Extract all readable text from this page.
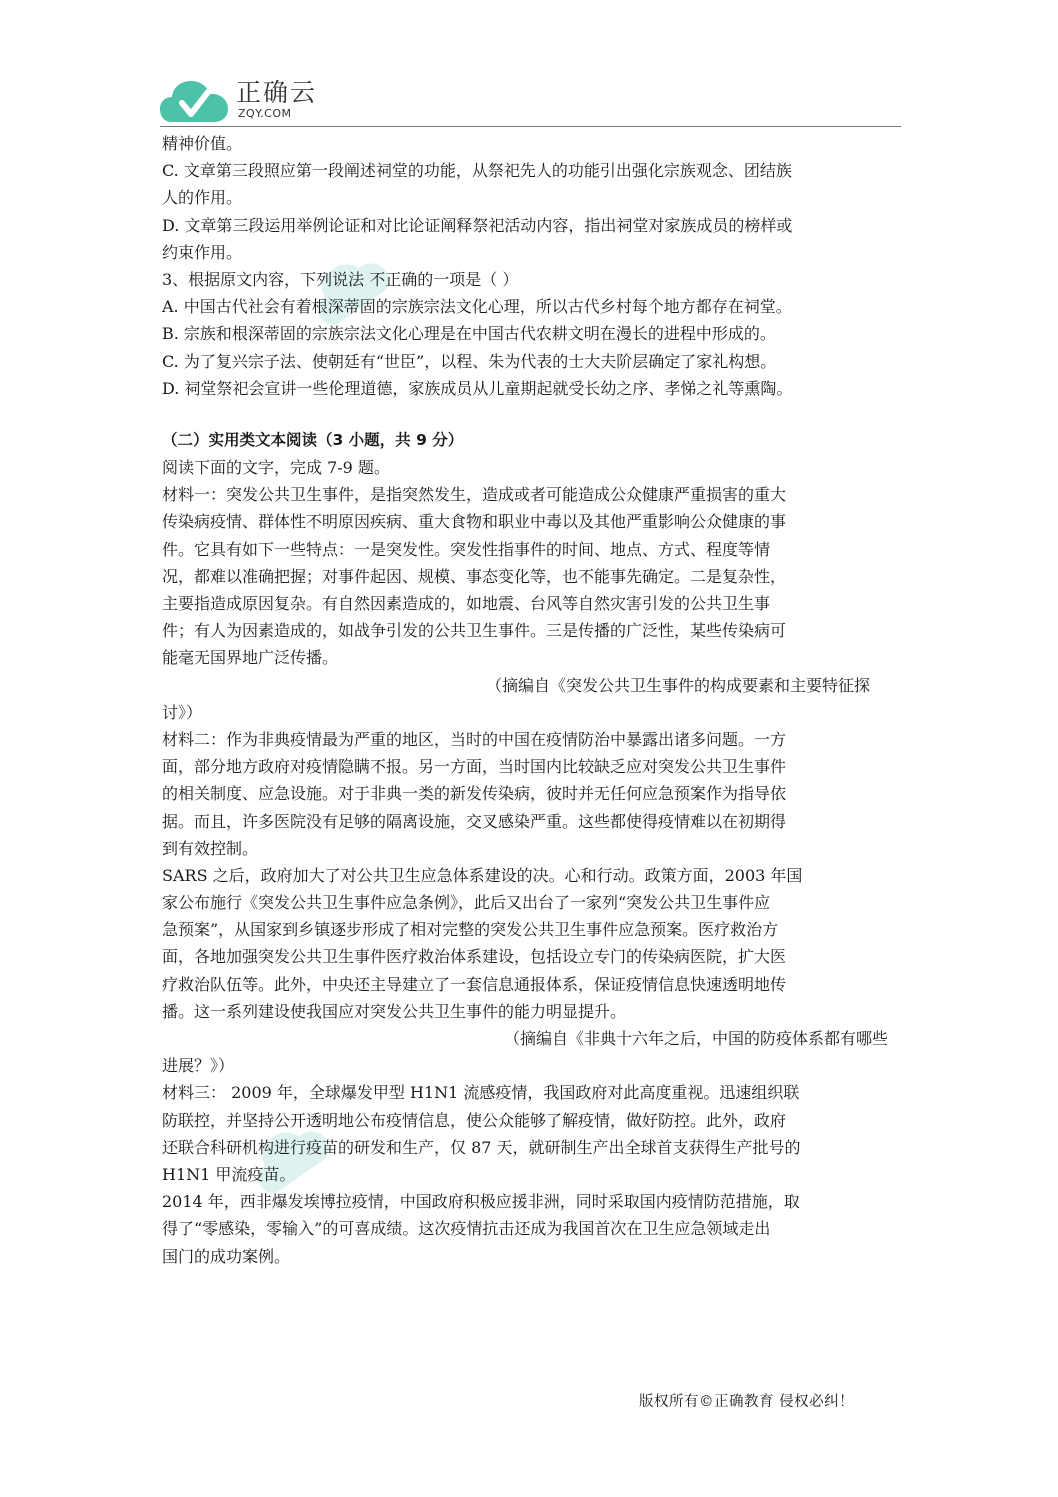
正确云
ZQY.COM
精神价值。
C. 文章第三段照应第一段阐述祠堂的功能，从祭祀先人的功能引出强化宗族观念、团结族
人的作用。
D. 文章第三段运用举例论证和对比论证阐释祭祀活动内容，指出祠堂对家族成员的榜样或
约束作用。
3、根据原文内容，下列说法 不正确的一项是（ ）
A. 中国古代社会有着根深蒂固的宗族宗法文化心理，所以古代乡村每个地方都存在祠堂。
B. 宗族和根深蒂固的宗族宗法文化心理是在中国古代农耕文明在漫长的进程中形成的。
C. 为了复兴宗子法、使朝廷有“世臣”，以程、朱为代表的士大夫阶层确定了家礼构想。
D. 祠堂祭祀会宣讲一些伦理道德，家族成员从儿童期起就受长幼之序、孝悌之礼等熏陶。
（二）实用类文本阅读（3 小题，共 9 分）
阅读下面的文字，完成 7-9 题。
材料一：突发公共卫生事件，是指突然发生，造成或者可能造成公众健康严重损害的重大
传染病疫情、群体性不明原因疾病、重大食物和职业中毒以及其他严重影响公众健康的事
件。它具有如下一些特点：一是突发性。突发性指事件的时间、地点、方式、程度等情
况，都难以准确把握；对事件起因、规模、事态变化等，也不能事先确定。二是复杂性，
主要指造成原因复杂。有自然因素造成的，如地震、台风等自然灾害引发的公共卫生事
件；有人为因素造成的，如战争引发的公共卫生事件。三是传播的广泛性，某些传染病可
能毫无国界地广泛传播。
（摘编自《突发公共卫生事件的构成要素和主要特征探
讨》）
材料二：作为非典疫情最为严重的地区，当时的中国在疫情防治中暴露出诸多问题。一方
面，部分地方政府对疫情隐瞒不报。另一方面，当时国内比较缺乏应对突发公共卫生事件
的相关制度、应急设施。对于非典一类的新发传染病，彼时并无任何应急预案作为指导依
据。而且，许多医院没有足够的隔离设施，交叉感染严重。这些都使得疫情难以在初期得
到有效控制。
SARS 之后，政府加大了对公共卫生应急体系建设的决。心和行动。政策方面，2003 年国
家公布施行《突发公共卫生事件应急条例》，此后又出台了一家列“突发公共卫生事件应
急预案”，从国家到乡镇逐步形成了相对完整的突发公共卫生事件应急预案。医疗救治方
面，各地加强突发公共卫生事件医疗救治体系建设，包括设立专门的传染病医院，扩大医
疗救治队伍等。此外，中央还主导建立了一套信息通报体系，保证疫情信息快速透明地传
播。这一系列建设使我国应对突发公共卫生事件的能力明显提升。
（摘编自《非典十六年之后，中国的防疫体系都有哪些
进展？》）
材料三： 2009 年，全球爆发甲型 H1N1 流感疫情，我国政府对此高度重视。迅速组织联
防联控，并坚持公开透明地公布疫情信息，使公众能够了解疫情，做好防控。此外，政府
还联合科研机构进行疫苗的研发和生产，仅 87 天，就研制生产出全球首支获得生产批号的
H1N1 甲流疫苗。
2014 年，西非爆发埃博拉疫情，中国政府积极应援非洲，同时采取国内疫情防范措施，取
得了“零感染，零输入”的可喜成绩。这次疫情抗击还成为我国首次在卫生应急领域走出
国门的成功案例。
版权所有©正确教育 侵权必纠！
